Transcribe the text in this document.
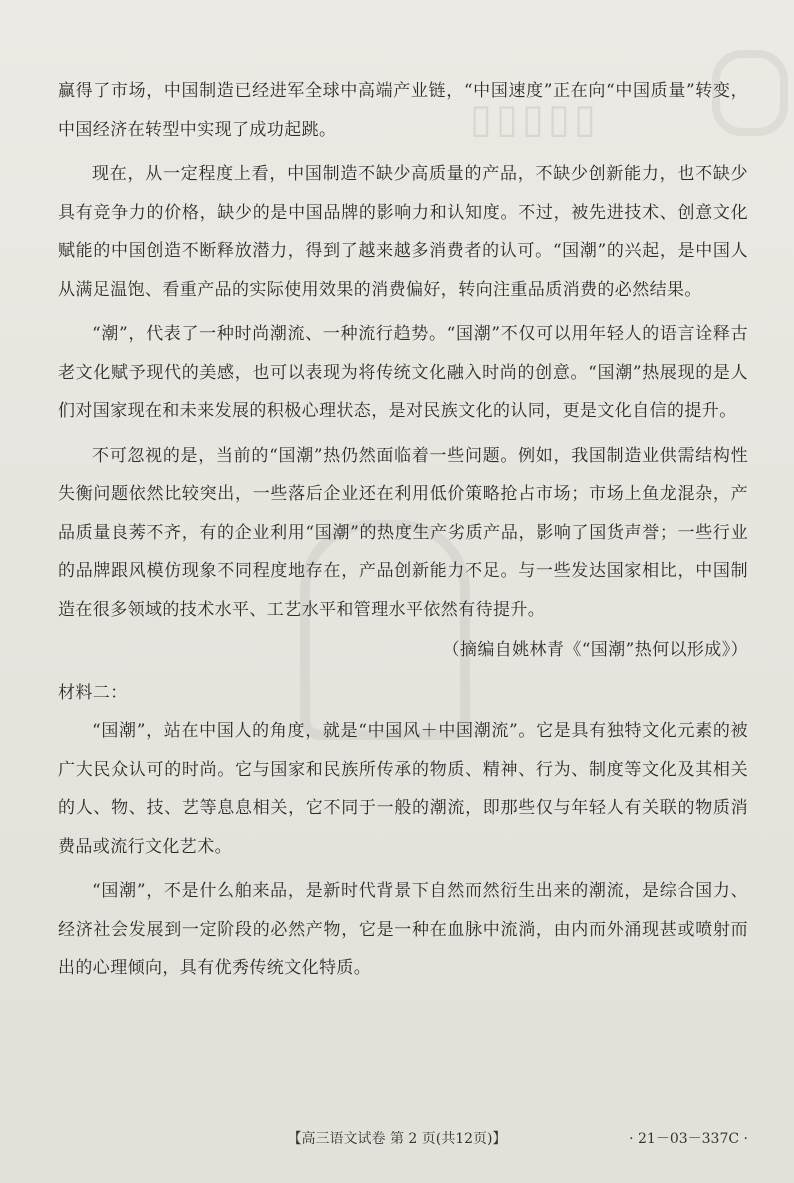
▯▯▯▯▯

赢得了市场，中国制造已经进军全球中高端产业链，“中国速度”正在向“中国质量”转变，中国经济在转型中实现了成功起跳。

现在，从一定程度上看，中国制造不缺少高质量的产品，不缺少创新能力，也不缺少具有竞争力的价格，缺少的是中国品牌的影响力和认知度。不过，被先进技术、创意文化赋能的中国创造不断释放潜力，得到了越来越多消费者的认可。“国潮”的兴起，是中国人从满足温饱、看重产品的实际使用效果的消费偏好，转向注重品质消费的必然结果。

“潮”，代表了一种时尚潮流、一种流行趋势。“国潮”不仅可以用年轻人的语言诠释古老文化赋予现代的美感，也可以表现为将传统文化融入时尚的创意。“国潮”热展现的是人们对国家现在和未来发展的积极心理状态，是对民族文化的认同，更是文化自信的提升。

不可忽视的是，当前的“国潮”热仍然面临着一些问题。例如，我国制造业供需结构性失衡问题依然比较突出，一些落后企业还在利用低价策略抢占市场；市场上鱼龙混杂，产品质量良莠不齐，有的企业利用“国潮”的热度生产劣质产品，影响了国货声誉；一些行业的品牌跟风模仿现象不同程度地存在，产品创新能力不足。与一些发达国家相比，中国制造在很多领域的技术水平、工艺水平和管理水平依然有待提升。

（摘编自姚林青《“国潮”热何以形成》）

材料二：

“国潮”，站在中国人的角度，就是“中国风＋中国潮流”。它是具有独特文化元素的被广大民众认可的时尚。它与国家和民族所传承的物质、精神、行为、制度等文化及其相关的人、物、技、艺等息息相关，它不同于一般的潮流，即那些仅与年轻人有关联的物质消费品或流行文化艺术。

“国潮”，不是什么舶来品，是新时代背景下自然而然衍生出来的潮流，是综合国力、经济社会发展到一定阶段的必然产物，它是一种在血脉中流淌，由内而外涌现甚或喷射而出的心理倾向，具有优秀传统文化特质。

【高三语文试卷 第 2 页(共12页)】	· 21－03－337C ·
